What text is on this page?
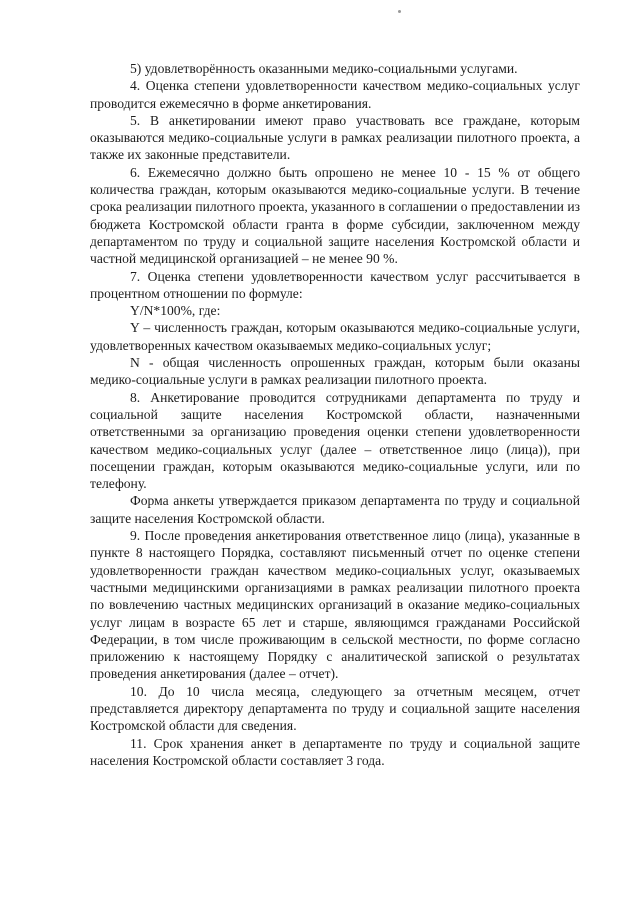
5) удовлетворённость оказанными медико-социальными услугами.

4. Оценка степени удовлетворенности качеством медико-социальных услуг проводится ежемесячно в форме анкетирования.

5. В анкетировании имеют право участвовать все граждане, которым оказываются медико-социальные услуги в рамках реализации пилотного проекта, а также их законные представители.

6. Ежемесячно должно быть опрошено не менее 10 - 15 % от общего количества граждан, которым оказываются медико-социальные услуги. В течение срока реализации пилотного проекта, указанного в соглашении о предоставлении из бюджета Костромской области гранта в форме субсидии, заключенном между департаментом по труду и социальной защите населения Костромской области и частной медицинской организацией – не менее 90 %.

7. Оценка степени удовлетворенности качеством услуг рассчитывается в процентном отношении по формуле:

Y/N*100%, где:

Y – численность граждан, которым оказываются медико-социальные услуги, удовлетворенных качеством оказываемых медико-социальных услуг;

N - общая численность опрошенных граждан, которым были оказаны медико-социальные услуги в рамках реализации пилотного проекта.

8. Анкетирование проводится сотрудниками департамента по труду и социальной защите населения Костромской области, назначенными ответственными за организацию проведения оценки степени удовлетворенности качеством медико-социальных услуг (далее – ответственное лицо (лица)), при посещении граждан, которым оказываются медико-социальные услуги, или по телефону.

Форма анкеты утверждается приказом департамента по труду и социальной защите населения Костромской области.

9. После проведения анкетирования ответственное лицо (лица), указанные в пункте 8 настоящего Порядка, составляют письменный отчет по оценке степени удовлетворенности граждан качеством медико-социальных услуг, оказываемых частными медицинскими организациями в рамках реализации пилотного проекта по вовлечению частных медицинских организаций в оказание медико-социальных услуг лицам в возрасте 65 лет и старше, являющимся гражданами Российской Федерации, в том числе проживающим в сельской местности, по форме согласно приложению к настоящему Порядку с аналитической запиской о результатах проведения анкетирования (далее – отчет).

10. До 10 числа месяца, следующего за отчетным месяцем, отчет представляется директору департамента по труду и социальной защите населения Костромской области для сведения.

11. Срок хранения анкет в департаменте по труду и социальной защите населения Костромской области составляет 3 года.
